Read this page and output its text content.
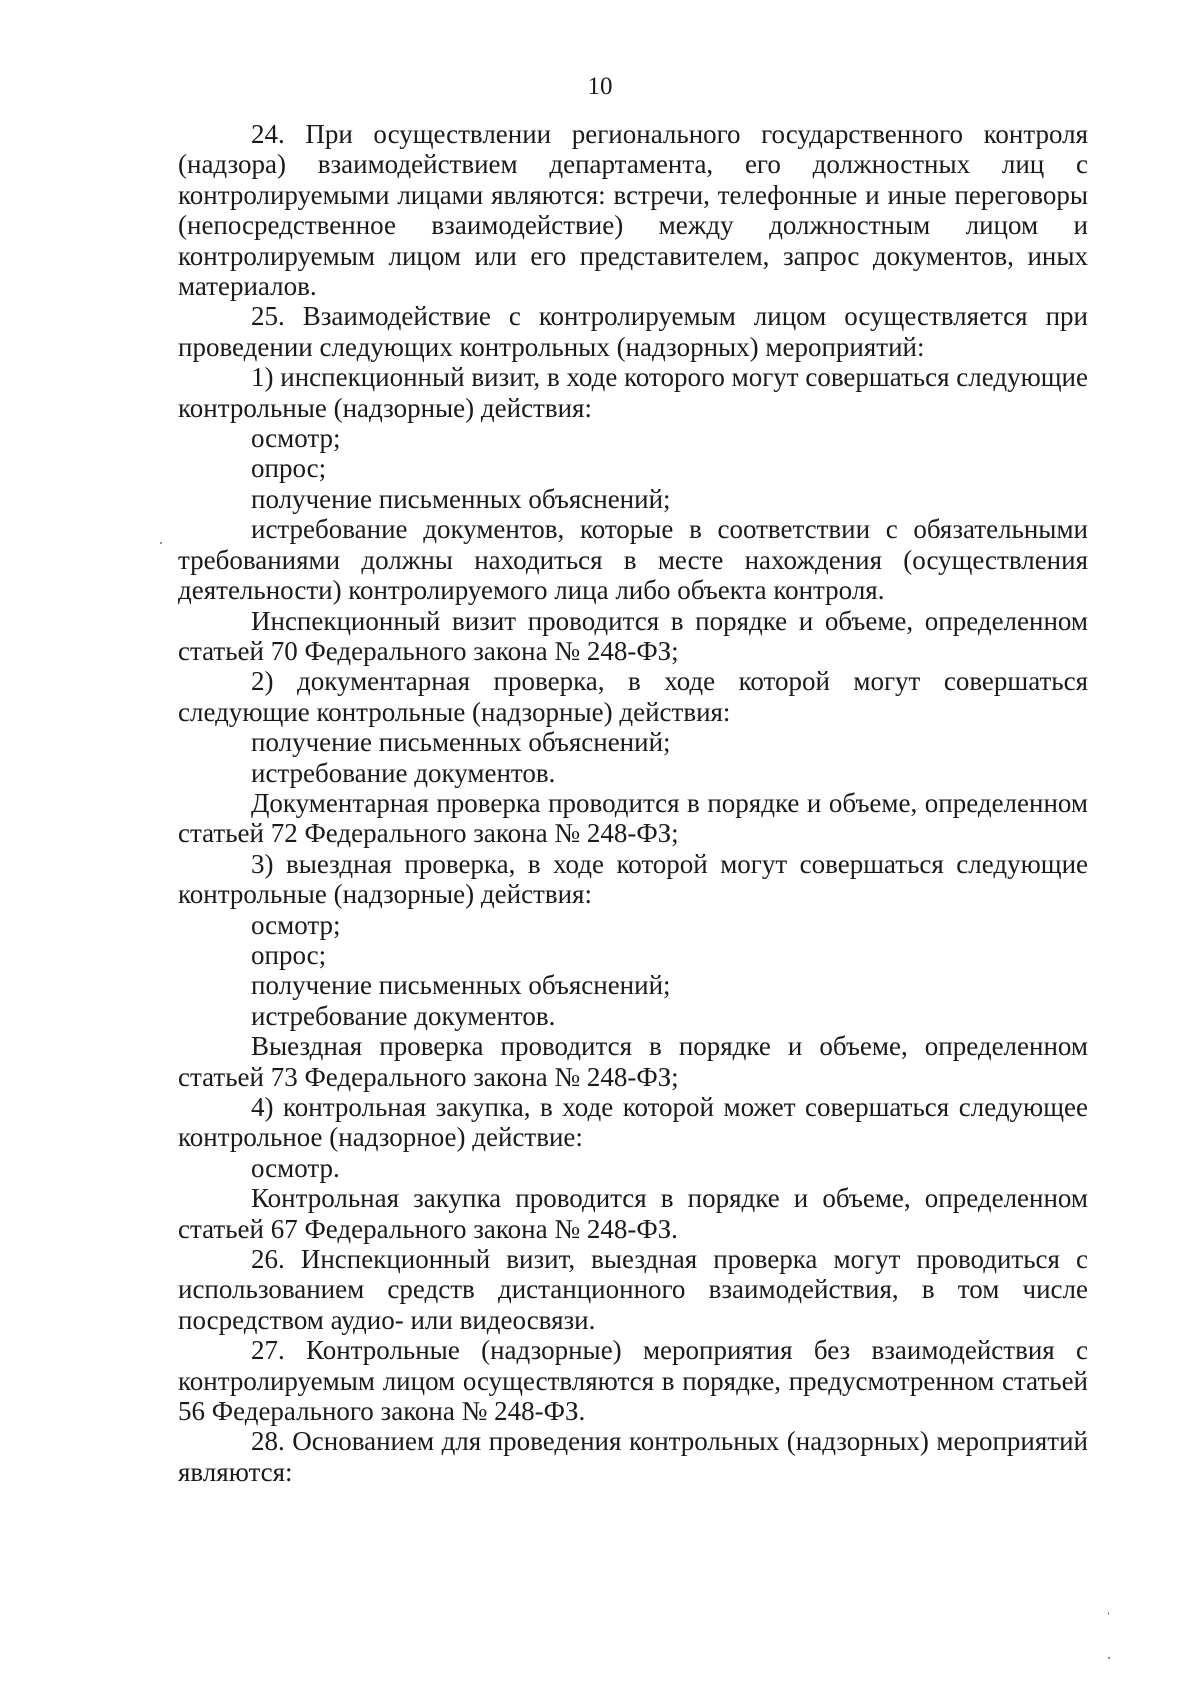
10

24. При осуществлении регионального государственного контроля (надзора) взаимодействием департамента, его должностных лиц с контролируемыми лицами являются: встречи, телефонные и иные переговоры (непосредственное взаимодействие) между должностным лицом и контролируемым лицом или его представителем, запрос документов, иных материалов.

25. Взаимодействие с контролируемым лицом осуществляется при проведении следующих контрольных (надзорных) мероприятий:

1) инспекционный визит, в ходе которого могут совершаться следующие контрольные (надзорные) действия:

осмотр;

опрос;

получение письменных объяснений;

истребование документов, которые в соответствии с обязательными требованиями должны находиться в месте нахождения (осуществления деятельности) контролируемого лица либо объекта контроля.

Инспекционный визит проводится в порядке и объеме, определенном статьей 70 Федерального закона № 248-ФЗ;

2) документарная проверка, в ходе которой могут совершаться следующие контрольные (надзорные) действия:

получение письменных объяснений;

истребование документов.

Документарная проверка проводится в порядке и объеме, определенном статьей 72 Федерального закона № 248-ФЗ;

3) выездная проверка, в ходе которой могут совершаться следующие контрольные (надзорные) действия:

осмотр;

опрос;

получение письменных объяснений;

истребование документов.

Выездная проверка проводится в порядке и объеме, определенном статьей 73 Федерального закона № 248-ФЗ;

4) контрольная закупка, в ходе которой может совершаться следующее контрольное (надзорное) действие:

осмотр.

Контрольная закупка проводится в порядке и объеме, определенном статьей 67 Федерального закона № 248-ФЗ.

26. Инспекционный визит, выездная проверка могут проводиться с использованием средств дистанционного взаимодействия, в том числе посредством аудио- или видеосвязи.

27. Контрольные (надзорные) мероприятия без взаимодействия с контролируемым лицом осуществляются в порядке, предусмотренном статьей 56 Федерального закона № 248-ФЗ.

28. Основанием для проведения контрольных (надзорных) мероприятий являются:
